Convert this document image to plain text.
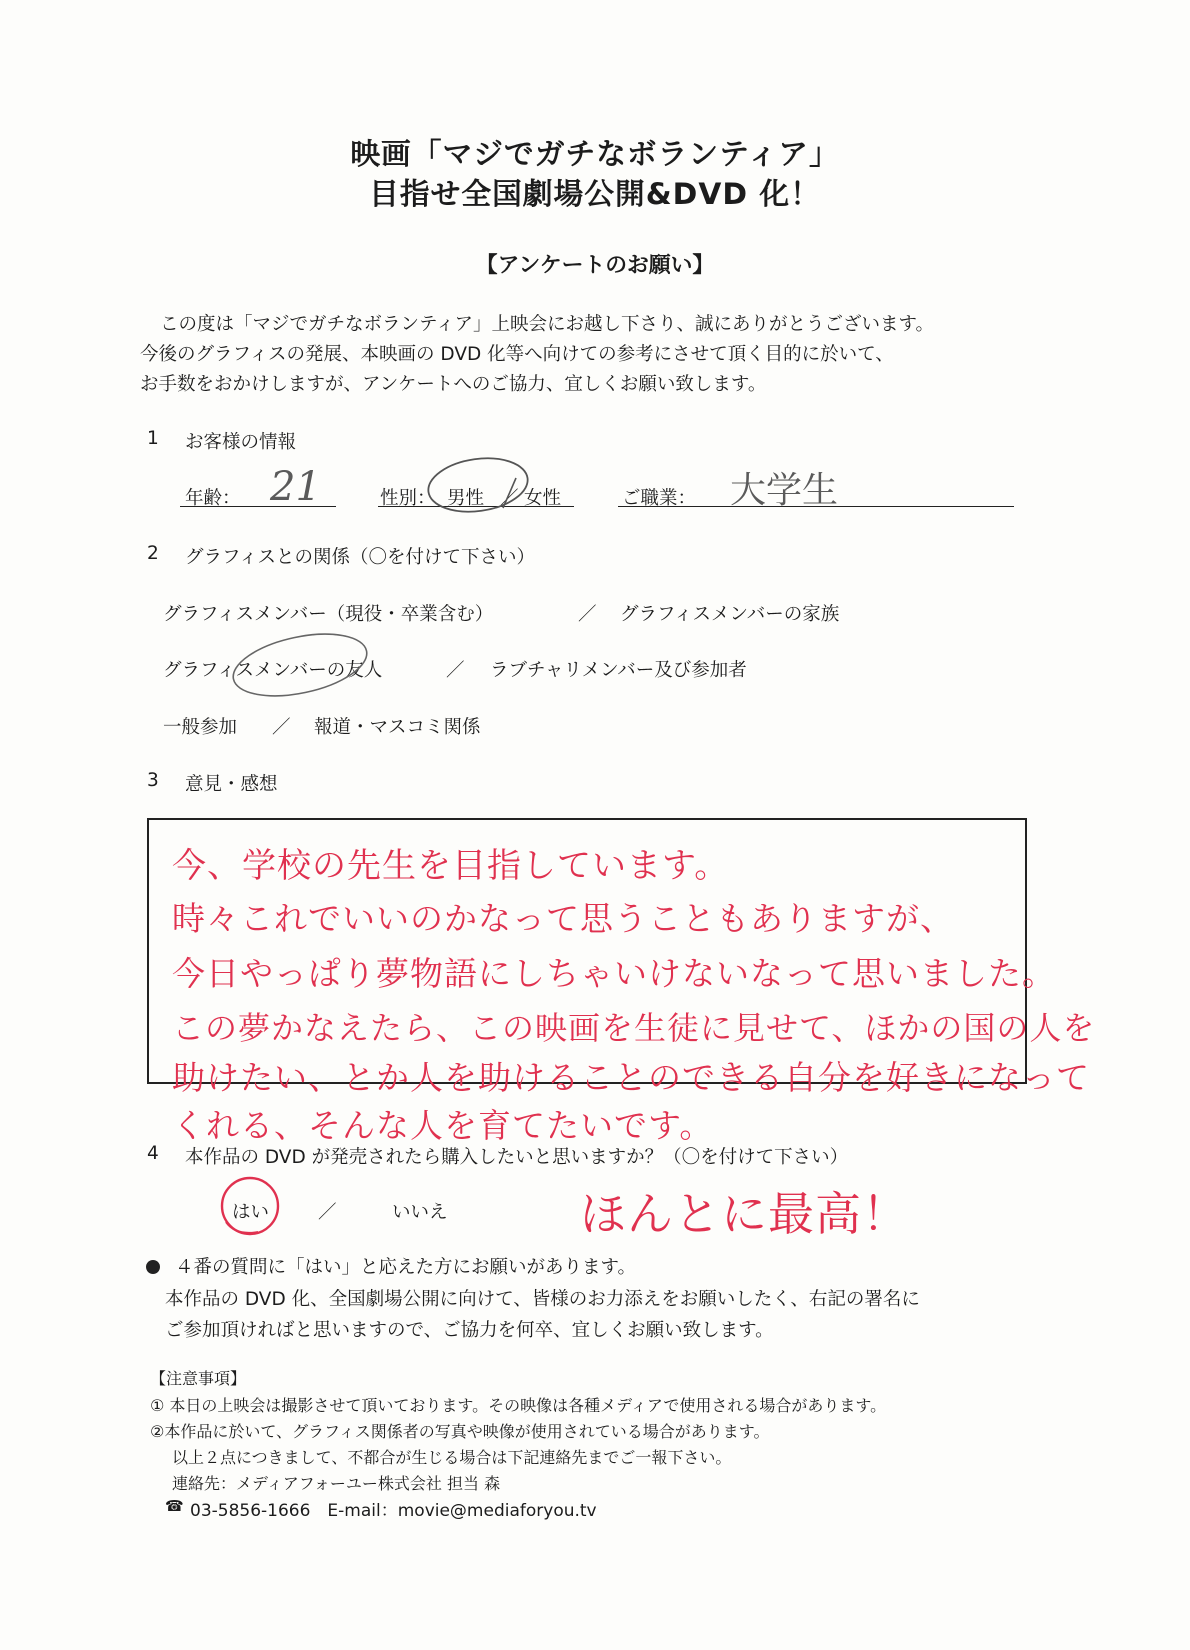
映画「マジでガチなボランティア」
目指せ全国劇場公開&DVD 化！
【アンケートのお願い】
この度は「マジでガチなボランティア」上映会にお越し下さり、誠にありがとうございます。
今後のグラフィスの発展、本映画の DVD 化等へ向けての参考にさせて頂く目的に於いて、
お手数をおかけしますが、アンケートへのご協力、宜しくお願い致します。
1 お客様の情報
年齢： 21	性別： 男性 ／ 女性	ご職業： 大学生
2 グラフィスとの関係（〇を付けて下さい）
グラフィスメンバー（現役・卒業含む）	／ グラフィスメンバーの家族
グラフィスメンバーの友人	／ ラブチャリメンバー及び参加者
一般参加 ／ 報道・マスコミ関係
3 意見・感想
今、学校の先生を目指しています。
時々これでいいのかなって思うこともありますが、
今日やっぱり夢物語にしちゃいけないなって思いました。
この夢かなえたら、この映画を生徒に見せて、ほかの国の人を
助けたい、とか人を助けることのできる自分を好きになって
くれる、そんな人を育てたいです。
4 本作品の DVD が発売されたら購入したいと思いますか？（〇を付けて下さい）
はい	／	いいえ	ほんとに最高！
４番の質問に「はい」と応えた方にお願いがあります。
本作品の DVD 化、全国劇場公開に向けて、皆様のお力添えをお願いしたく、右記の署名に
ご参加頂ければと思いますので、ご協力を何卒、宜しくお願い致します。
【注意事項】
① 本日の上映会は撮影させて頂いております。その映像は各種メディアで使用される場合があります。
②本作品に於いて、グラフィス関係者の写真や映像が使用されている場合があります。
以上２点につきまして、不都合が生じる場合は下記連絡先までご一報下さい。
連絡先：メディアフォーユー株式会社 担当 森
☎ 03-5856-1666　E-mail：movie@mediaforyou.tv
